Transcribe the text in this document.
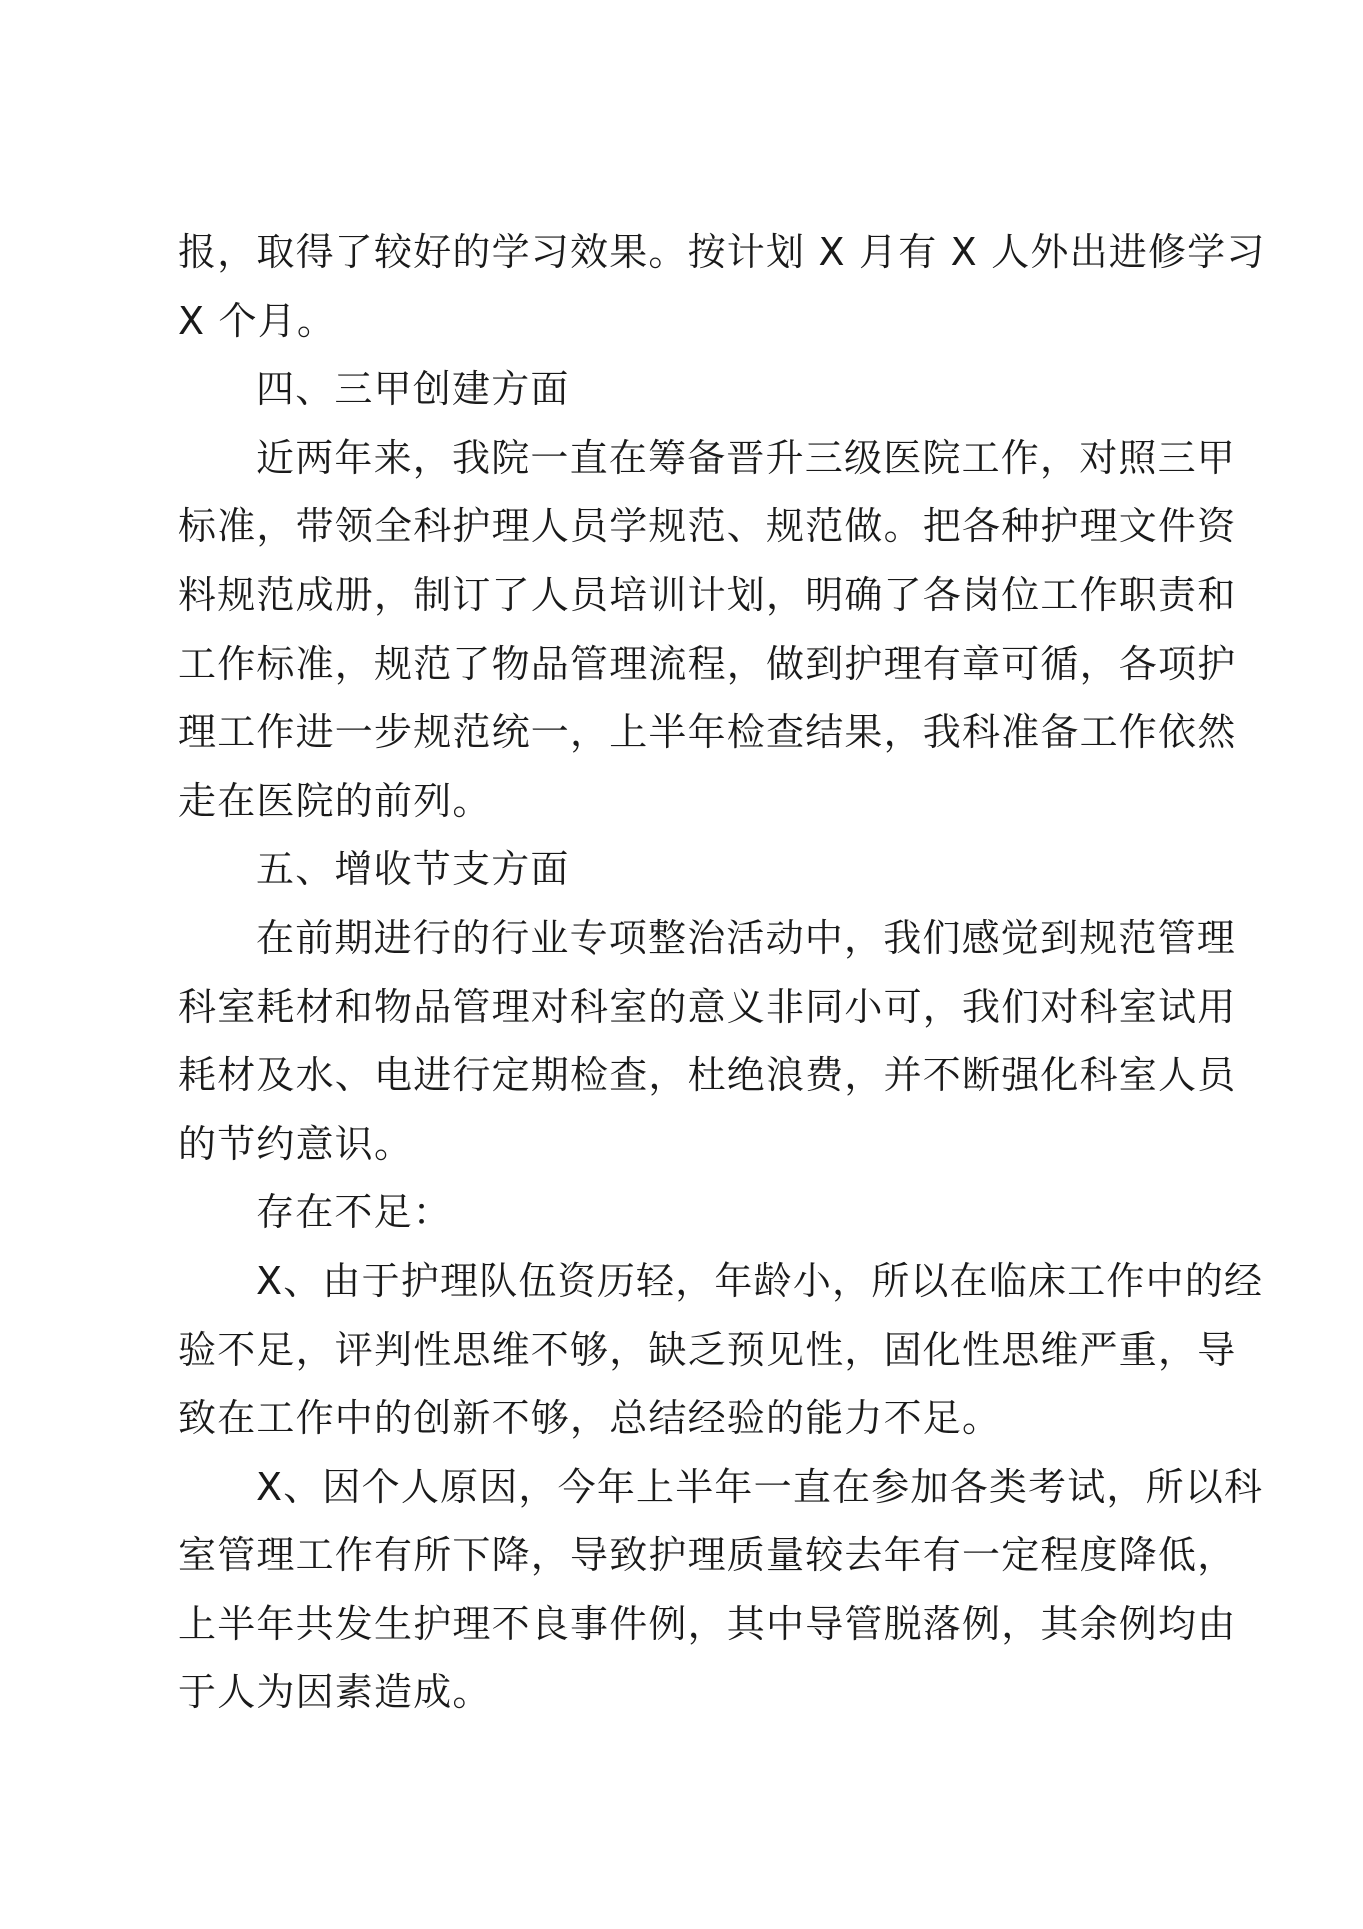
报，取得了较好的学习效果。按计划 X 月有 X 人外出进修学习
X 个月。

四、三甲创建方面

近两年来，我院一直在筹备晋升三级医院工作，对照三甲
标准，带领全科护理人员学规范、规范做。把各种护理文件资
料规范成册，制订了人员培训计划，明确了各岗位工作职责和
工作标准，规范了物品管理流程，做到护理有章可循，各项护
理工作进一步规范统一，上半年检查结果，我科准备工作依然
走在医院的前列。

五、增收节支方面

在前期进行的行业专项整治活动中，我们感觉到规范管理
科室耗材和物品管理对科室的意义非同小可，我们对科室试用
耗材及水、电进行定期检查，杜绝浪费，并不断强化科室人员
的节约意识。

存在不足：

X、由于护理队伍资历轻，年龄小，所以在临床工作中的经
验不足，评判性思维不够，缺乏预见性，固化性思维严重，导
致在工作中的创新不够，总结经验的能力不足。

X、因个人原因，今年上半年一直在参加各类考试，所以科
室管理工作有所下降，导致护理质量较去年有一定程度降低，
上半年共发生护理不良事件例，其中导管脱落例，其余例均由
于人为因素造成。
